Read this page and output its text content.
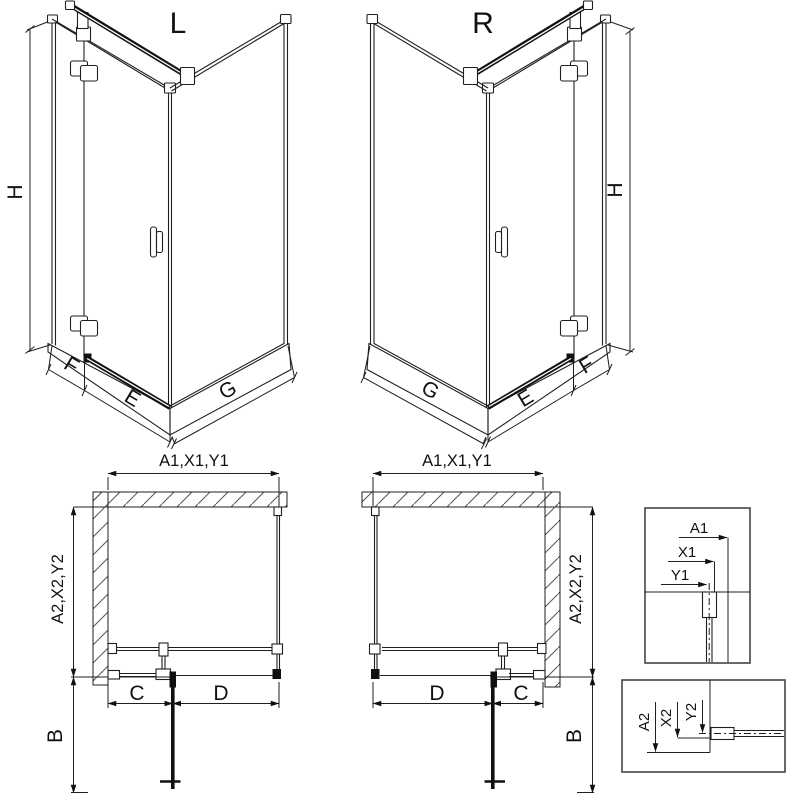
L
H
F
E	G
R
H
F
E
G
A1,X1,Y1
C	D
A2,X2,Y2
B
A1,X1,Y1
D	C
A2,X2,Y2
B
A1
X1
Y1
A2 X2 Y2
